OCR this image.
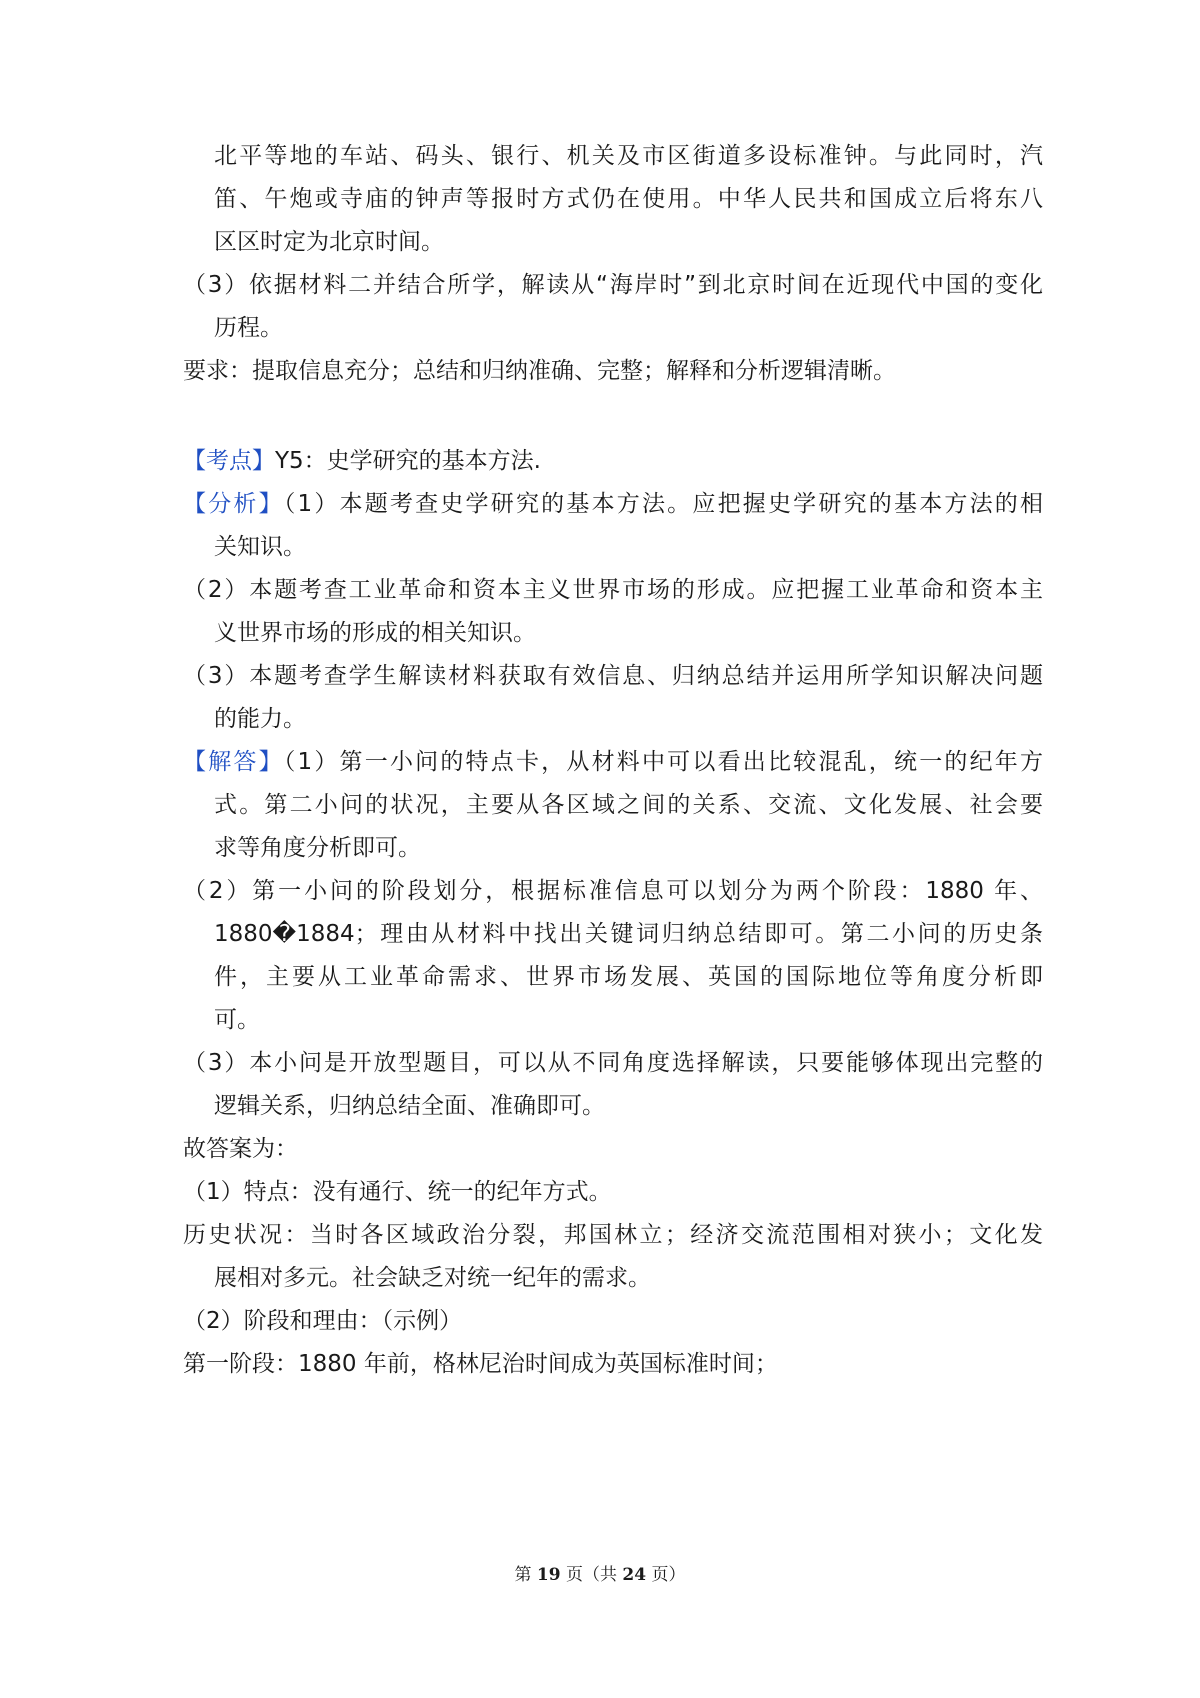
北平等地的车站、码头、银行、机关及市区街道多设标准钟。与此同时，汽
笛、午炮或寺庙的钟声等报时方式仍在使用。中华人民共和国成立后将东八
区区时定为北京时间。
（3）依据材料二并结合所学，解读从“海岸时”到北京时间在近现代中国的变化
历程。
要求：提取信息充分；总结和归纳准确、完整；解释和分析逻辑清晰。
【考点】Y5：史学研究的基本方法.
【分析】（1）本题考查史学研究的基本方法。应把握史学研究的基本方法的相
关知识。
（2）本题考查工业革命和资本主义世界市场的形成。应把握工业革命和资本主
义世界市场的形成的相关知识。
（3）本题考查学生解读材料获取有效信息、归纳总结并运用所学知识解决问题
的能力。
【解答】（1）第一小问的特点卡，从材料中可以看出比较混乱，统一的纪年方
式。第二小问的状况，主要从各区域之间的关系、交流、文化发展、社会要
求等角度分析即可。
（2）第一小问的阶段划分，根据标准信息可以划分为两个阶段：1880 年、
1880�1884；理由从材料中找出关键词归纳总结即可。第二小问的历史条
件，主要从工业革命需求、世界市场发展、英国的国际地位等角度分析即
可。
（3）本小问是开放型题目，可以从不同角度选择解读，只要能够体现出完整的
逻辑关系，归纳总结全面、准确即可。
故答案为：
（1）特点：没有通行、统一的纪年方式。
历史状况：当时各区域政治分裂，邦国林立；经济交流范围相对狭小；文化发
展相对多元。社会缺乏对统一纪年的需求。
（2）阶段和理由：（示例）
第一阶段：1880 年前，格林尼治时间成为英国标准时间；
第 19 页（共 24 页）
